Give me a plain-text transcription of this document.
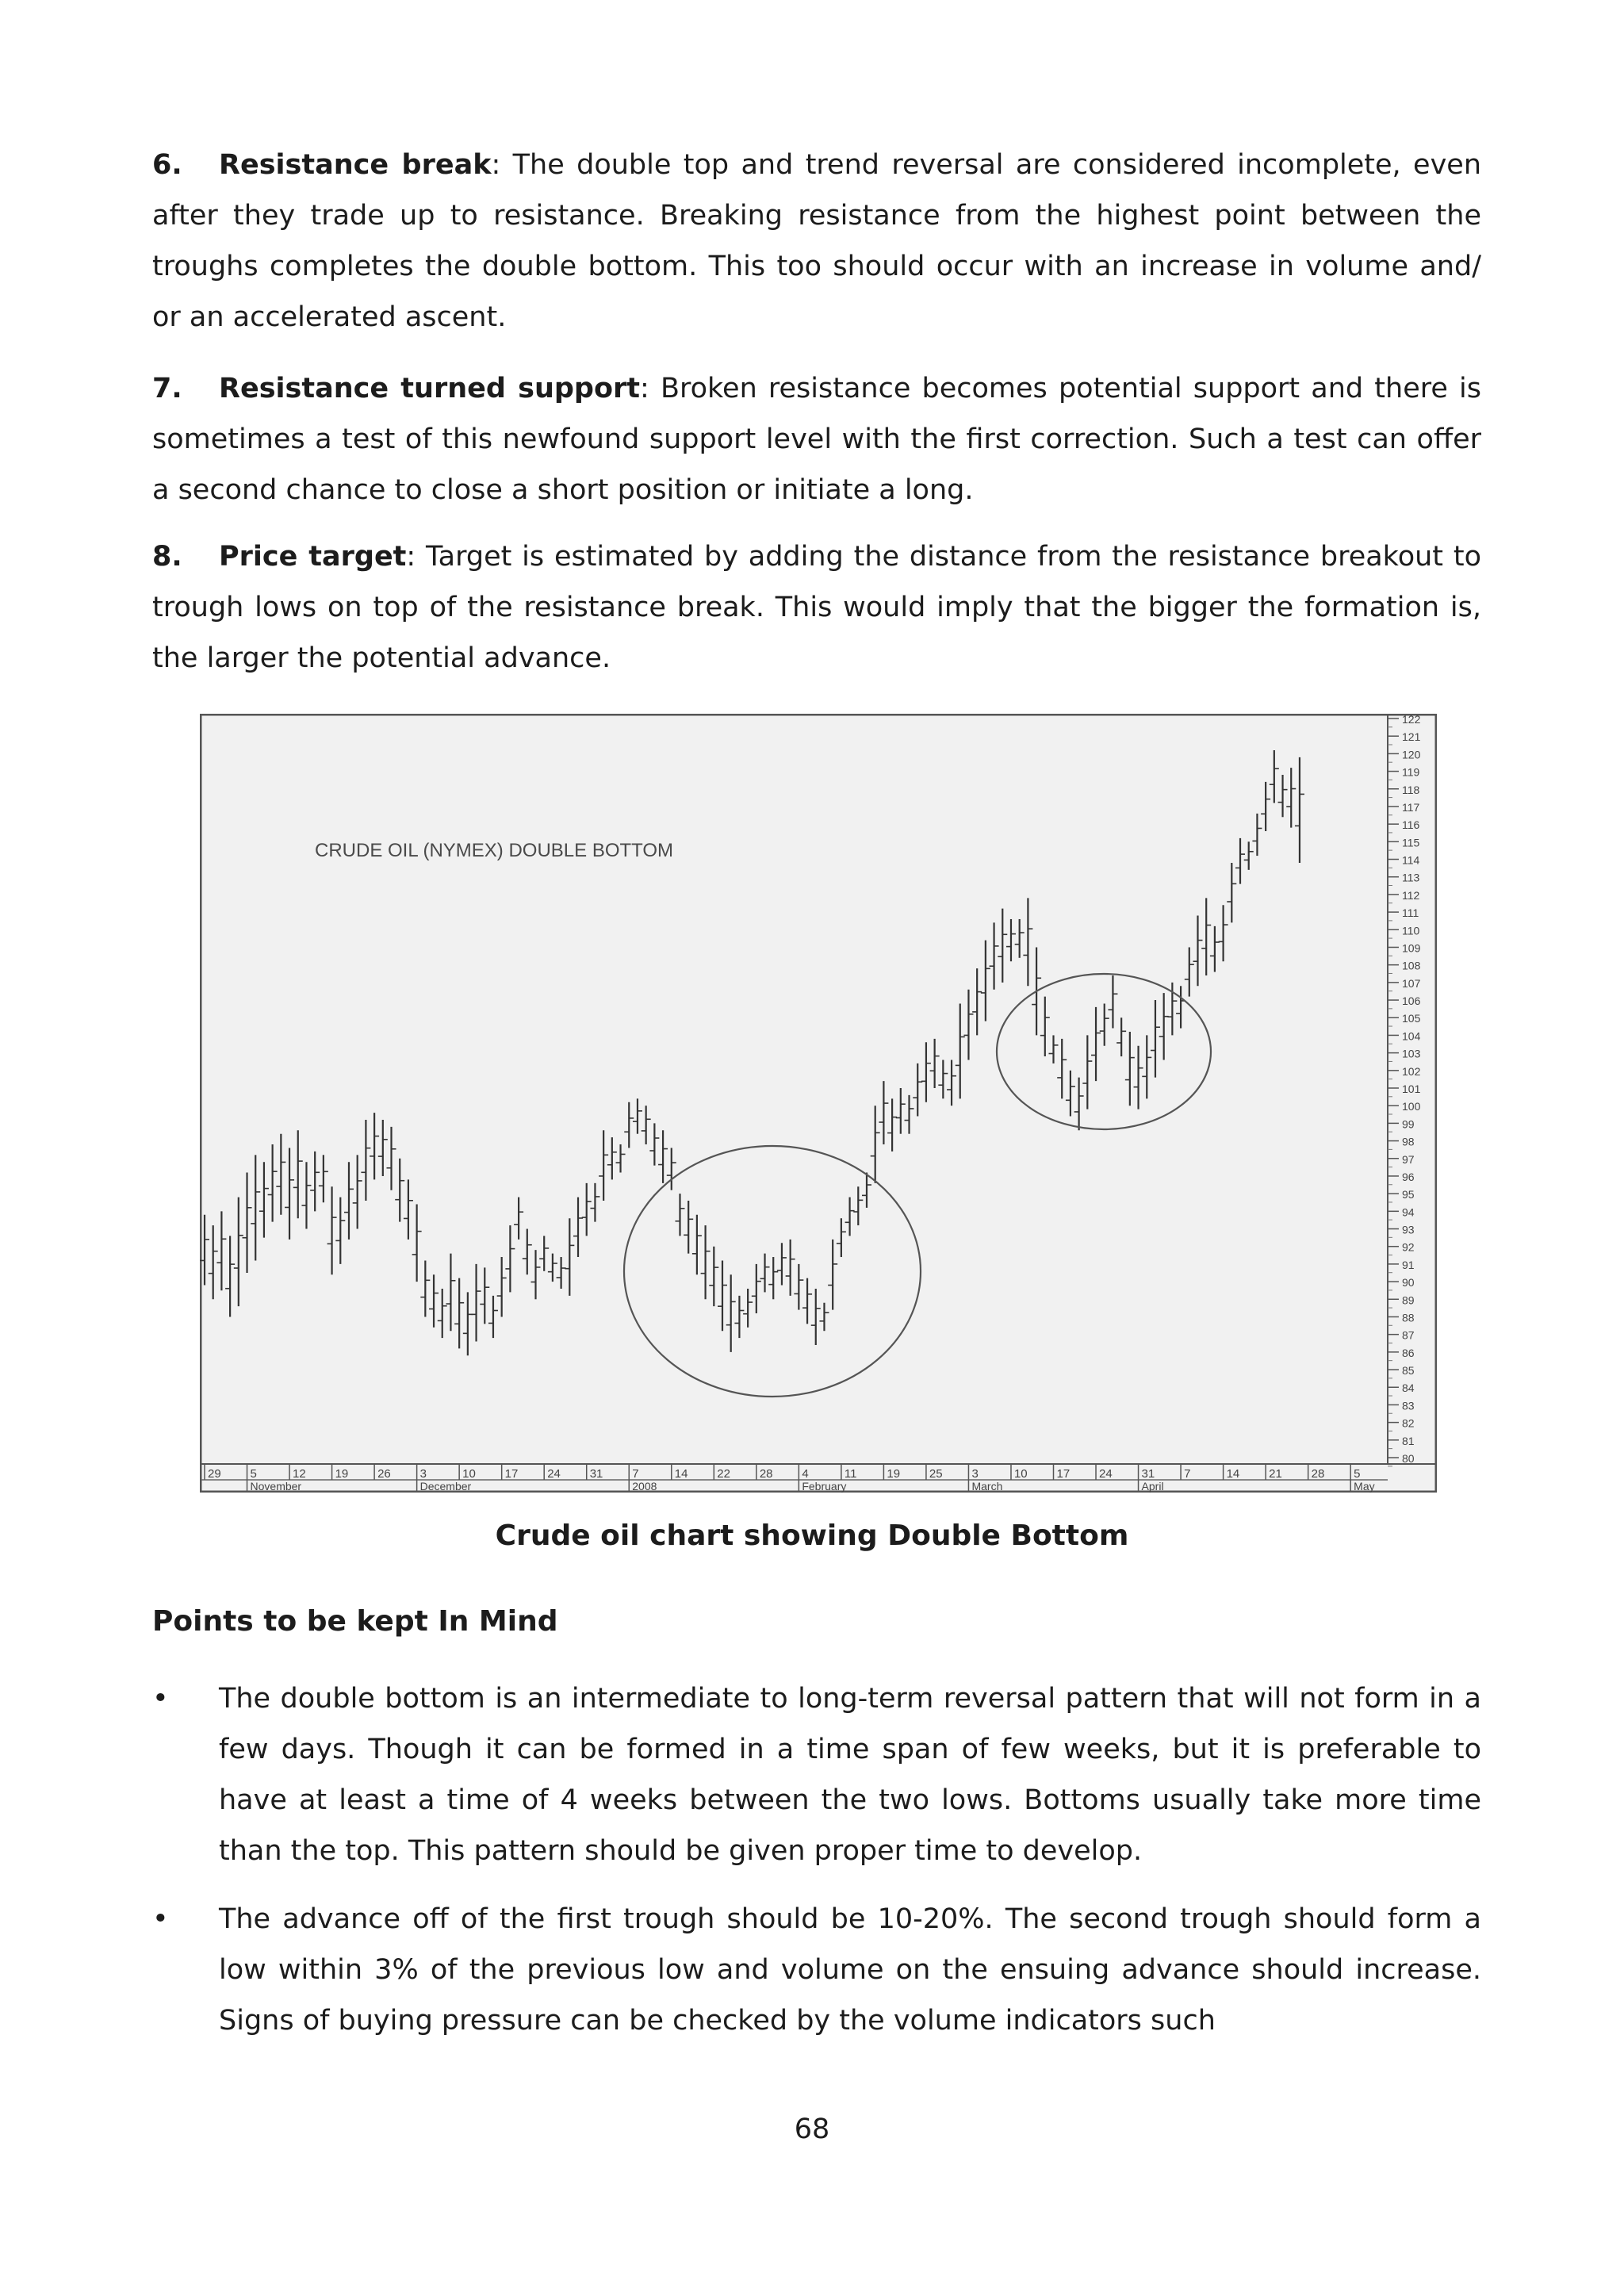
6. Resistance break: The double top and trend reversal are considered incomplete, even after they trade up to resistance. Breaking resistance from the highest point between the troughs completes the double bottom. This too should occur with an increase in volume and/ or an accelerated ascent.

7. Resistance turned support: Broken resistance becomes potential support and there is sometimes a test of this newfound support level with the first correction. Such a test can offer a second chance to close a short position or initiate a long.

8. Price target: Target is estimated by adding the distance from the resistance breakout to trough lows on top of the resistance break. This would imply that the bigger the formation is, the larger the potential advance.

CRUDE OIL (NYMEX) DOUBLE BOTTOM
80
81
82
83
84
85
86
87
88
89
90
91
92
93
94
95
96
97
98
99
100
101
102
103
104
105
106
107
108
109
110
111
112
113
114
115
116
117
118
119
120
121
122
29 5	12 19 26 3	10 17 24 31 7	14 22 28 4	11	19 25 3	10 17 24 31 7	14 21 28 5
November	December	2008	February	March	April	May
Crude oil chart showing Double Bottom
Points to be kept In Mind
•	The double bottom is an intermediate to long-term reversal pattern that will not form in a few days. Though it can be formed in a time span of few weeks, but it is preferable to have at least a time of 4 weeks between the two lows. Bottoms usually take more time than the top. This pattern should be given proper time to develop.
•	The advance off of the first trough should be 10-20%. The second trough should form a low within 3% of the previous low and volume on the ensuing advance should increase. Signs of buying pressure can be checked by the volume indicators such
68
